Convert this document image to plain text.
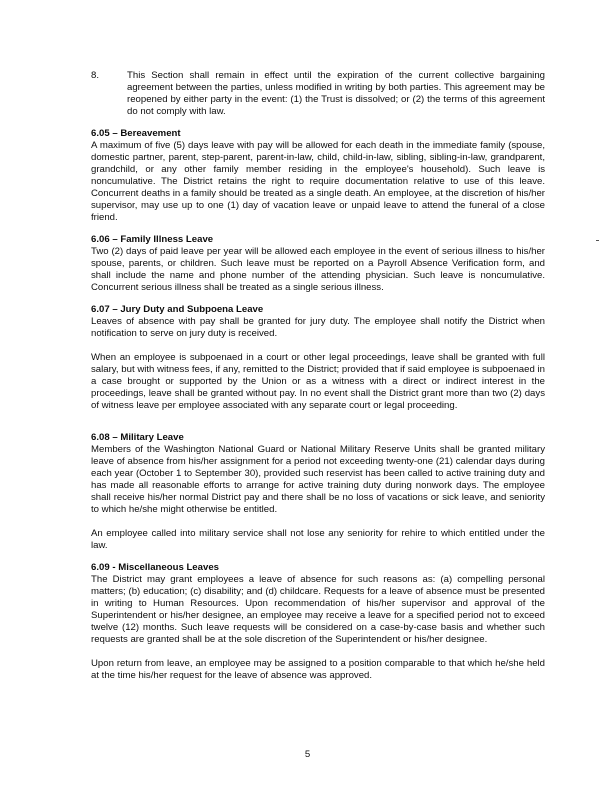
8.	This Section shall remain in effect until the expiration of the current collective bargaining agreement between the parties, unless modified in writing by both parties. This agreement may be reopened by either party in the event: (1) the Trust is dissolved; or (2) the terms of this agreement do not comply with law.

6.05 – Bereavement

A maximum of five (5) days leave with pay will be allowed for each death in the immediate family (spouse, domestic partner, parent, step-parent, parent-in-law, child, child-in-law, sibling, sibling-in-law, grandparent, grandchild, or any other family member residing in the employee's household). Such leave is noncumulative. The District retains the right to require documentation relative to use of this leave. Concurrent deaths in a family should be treated as a single death. An employee, at the discretion of his/her supervisor, may use up to one (1) day of vacation leave or unpaid leave to attend the funeral of a close friend.

6.06 – Family Illness Leave

Two (2) days of paid leave per year will be allowed each employee in the event of serious illness to his/her spouse, parents, or children. Such leave must be reported on a Payroll Absence Verification form, and shall include the name and phone number of the attending physician. Such leave is noncumulative. Concurrent serious illness shall be treated as a single serious illness.

6.07 – Jury Duty and Subpoena Leave

Leaves of absence with pay shall be granted for jury duty. The employee shall notify the District when notification to serve on jury duty is received.

When an employee is subpoenaed in a court or other legal proceedings, leave shall be granted with full salary, but with witness fees, if any, remitted to the District; provided that if said employee is subpoenaed in a case brought or supported by the Union or as a witness with a direct or indirect interest in the proceedings, leave shall be granted without pay. In no event shall the District grant more than two (2) days of witness leave per employee associated with any separate court or legal proceeding.

6.08 – Military Leave

Members of the Washington National Guard or National Military Reserve Units shall be granted military leave of absence from his/her assignment for a period not exceeding twenty-one (21) calendar days during each year (October 1 to September 30), provided such reservist has been called to active training duty and has made all reasonable efforts to arrange for active training duty during nonwork days. The employee shall receive his/her normal District pay and there shall be no loss of vacations or sick leave, and seniority to which he/she might otherwise be entitled.

An employee called into military service shall not lose any seniority for rehire to which entitled under the law.

6.09 - Miscellaneous Leaves

The District may grant employees a leave of absence for such reasons as: (a) compelling personal matters; (b) education; (c) disability; and (d) childcare. Requests for a leave of absence must be presented in writing to Human Resources. Upon recommendation of his/her supervisor and approval of the Superintendent or his/her designee, an employee may receive a leave for a specified period not to exceed twelve (12) months. Such leave requests will be considered on a case-by-case basis and whether such requests are granted shall be at the sole discretion of the Superintendent or his/her designee.

Upon return from leave, an employee may be assigned to a position comparable to that which he/she held at the time his/her request for the leave of absence was approved.

5
